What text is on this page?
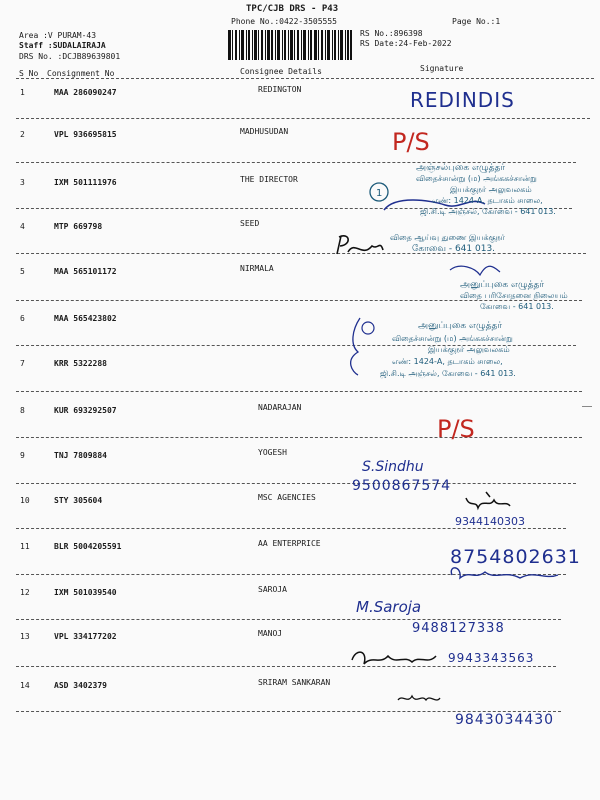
TPC/CJB DRS - P43
Phone No.:0422-3505555	Page No.:1
Area :V PURAM-43
Staff :SUDALAIRAJA
DRS No. :DCJB89639801
RS No.:896398
RS Date:24-Feb-2022
S No Consignment No	Consignee Details	Signature
1	MAA 286090247	REDINGTON
2	VPL 936695815	MADHUSUDAN
3	IXM 501111976	THE DIRECTOR
4	MTP 669798	SEED
5	MAA 565101172	NIRMALA
6	MAA 565423802
7	KRR 5322288
8	KUR 693292507	NADARAJAN
9	TNJ 7809884	YOGESH
10	STY 305604	MSC AGENCIES
11	BLR 5004205591	AA ENTERPRICE
12	IXM 501039540	SAROJA
13	VPL 334177202	MANOJ
14	ASD 3402379	SRIRAM SANKARAN
REDINDIS
P/S
1
அஞ்சல்புகை எழுத்தர்
விதைச்சான்று (ம) அங்ககச்சான்று
இயக்குநர் அலுவலகம்
எண்: 1424-A, தடாகம் சாலை,
ஜி.சி.டி அஞ்சல், கோவை - 641 013.
விதை ஆய்வு துணை இயக்குநர்
கோவை - 641 013.
அனுப்புகை எழுத்தர்
விதை பரிசோதனை நிலையம்
கோவை - 641 013.
அனுப்புகை எழுத்தர்
விதைச்சான்று (ம) அங்ககச்சான்று
இயக்குநர் அலுவலகம்
எண்: 1424-A, தடாகம் சாலை,
ஜி.சி.டி அஞ்சல், கோவை - 641 013.
P/S
S.Sindhu
9500867574
9344140303
8754802631
M.Saroja
9488127338
9943343563
9843034430
